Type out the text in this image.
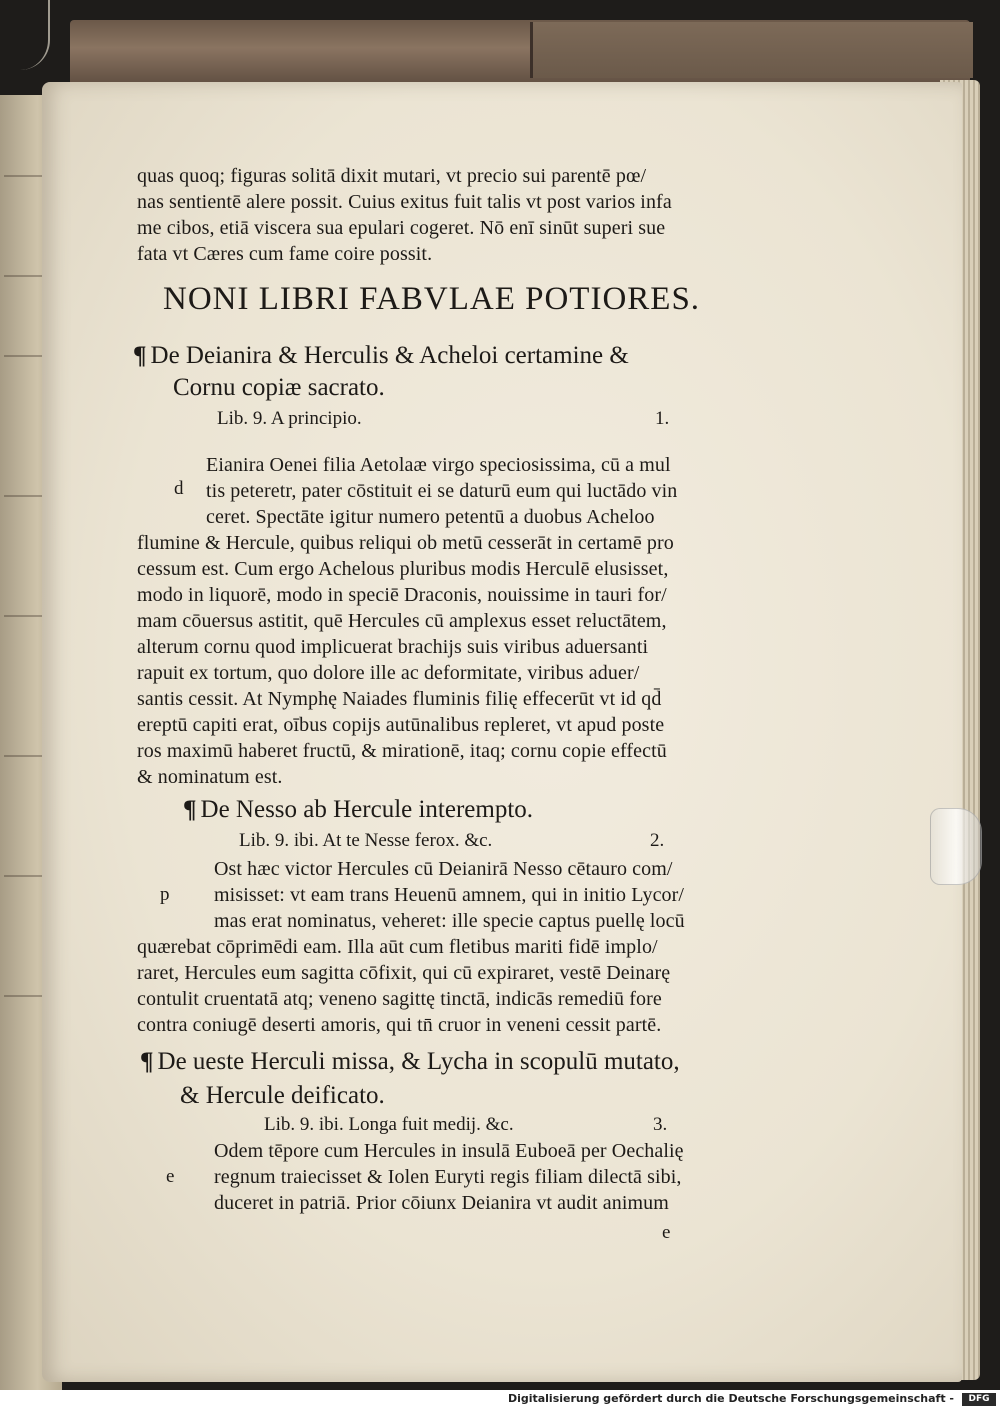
quas quoq; figuras solitā dixit mutari, vt precio sui parentē pœ/
nas sentientē alere possit. Cuius exitus fuit talis vt post varios infa
me cibos, etiā viscera sua epulari cogeret. Nō enī sinūt superi sue
fata vt Cæres cum fame coire possit.
NONI LIBRI FABVLAE POTIORES.
¶ De Deianira & Herculis & Acheloi certamine &
Cornu copiæ sacrato.
Lib. 9. A principio.	1.
d
Eianira Oenei filia Aetolaæ virgo speciosissima, cū a mul
tis peteretr, pater cōstituit ei se daturū eum qui luctādo vin
ceret. Spectāte igitur numero petentū a duobus Acheloo
flumine & Hercule, quibus reliqui ob metū cesserāt in certamē pro
cessum est. Cum ergo Achelous pluribus modis Herculē elusisset,
modo in liquorē, modo in speciē Draconis, nouissime in tauri for/
mam cōuersus astitit, quē Hercules cū amplexus esset reluctātem,
alterum cornu quod implicuerat brachijs suis viribus aduersanti
rapuit ex tortum, quo dolore ille ac deformitate, viribus aduer/
santis cessit. At Nymphę Naiades fluminis filię effecerūt vt id qd̄
ereptū capiti erat, oībus copijs autūnalibus repleret, vt apud poste
ros maximū haberet fructū, & mirationē, itaq; cornu copie effectū
& nominatum est.
¶ De Nesso ab Hercule interempto.
Lib. 9. ibi. At te Nesse ferox. &c.	2.
p
Ost hæc victor Hercules cū Deianirā Nesso cētauro com/
misisset: vt eam trans Heuenū amnem, qui in initio Lycor/
mas erat nominatus, veheret: ille specie captus puellę locū
quærebat cōprimēdi eam. Illa aūt cum fletibus mariti fidē implo/
raret, Hercules eum sagitta cōfixit, qui cū expiraret, vestē Deinarę
contulit cruentatā atq; veneno sagittę tinctā, indicās remediū fore
contra coniugē deserti amoris, qui tn̄ cruor in veneni cessit partē.
¶ De ueste Herculi missa, & Lycha in scopulū mutato,
& Hercule deificato.
Lib. 9. ibi. Longa fuit medij. &c.	3.
e
Odem tēpore cum Hercules in insulā Euboeā per Oechalię
regnum traiecisset & Iolen Euryti regis filiam dilectā sibi,
duceret in patriā. Prior cōiunx Deianira vt audit animum
e
Digitalisierung gefördert durch die Deutsche Forschungsgemeinschaft -	DFG
